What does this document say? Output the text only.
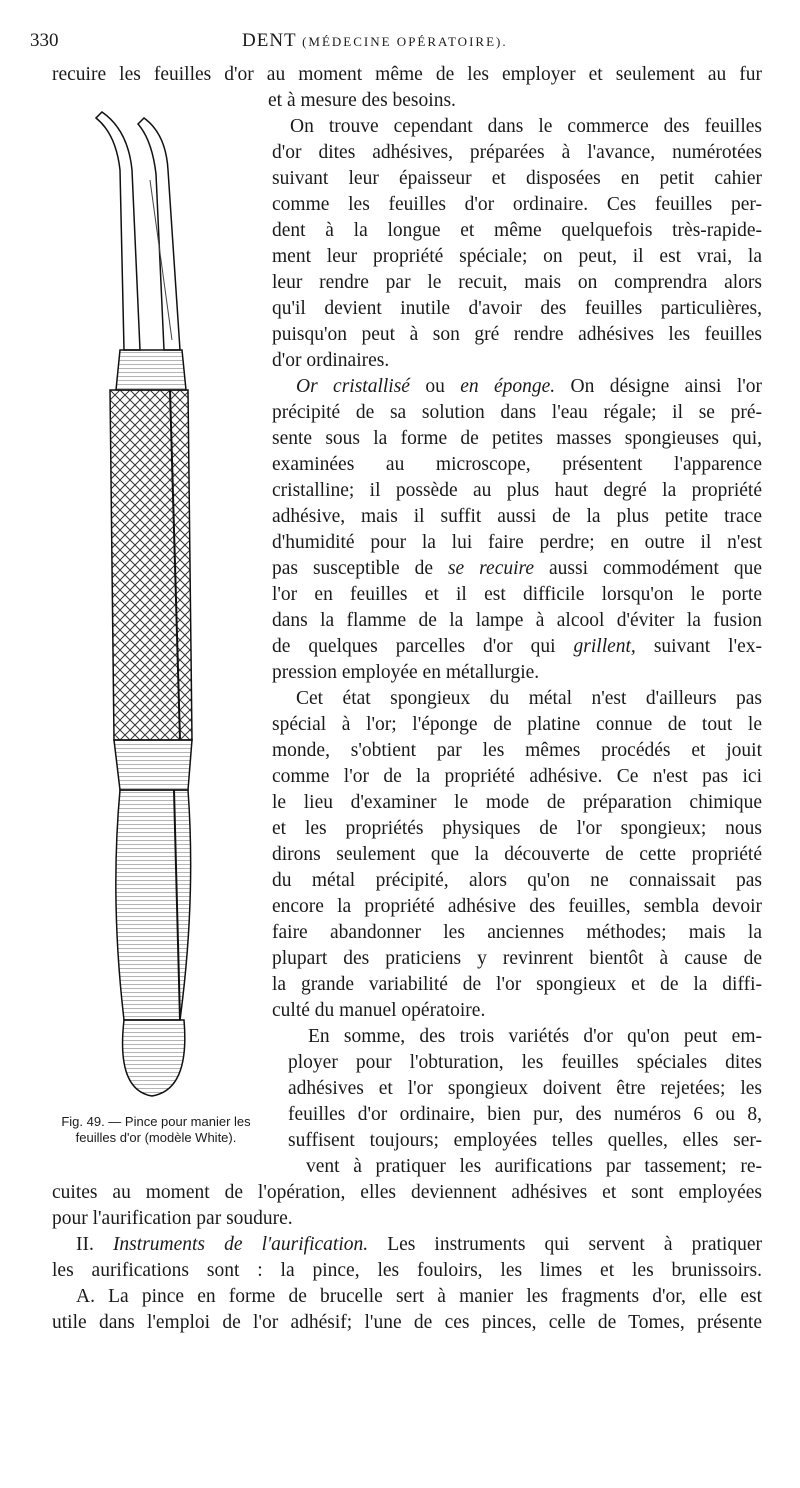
330	DENT (MÉDECINE OPÉRATOIRE).
Fig. 49. — Pince pour manier les
feuilles d'or (modèle White).
recuire les feuilles d'or au moment même de les employer et seulement au fur
et à mesure des besoins.
On trouve cependant dans le commerce des feuilles
d'or dites adhésives, préparées à l'avance, numérotées
suivant leur épaisseur et disposées en petit cahier
comme les feuilles d'or ordinaire. Ces feuilles per-
dent à la longue et même quelquefois très-rapide-
ment leur propriété spéciale; on peut, il est vrai, la
leur rendre par le recuit, mais on comprendra alors
qu'il devient inutile d'avoir des feuilles particulières,
puisqu'on peut à son gré rendre adhésives les feuilles
d'or ordinaires.
Or cristallisé ou en éponge. On désigne ainsi l'or
précipité de sa solution dans l'eau régale; il se pré-
sente sous la forme de petites masses spongieuses qui,
examinées au microscope, présentent l'apparence
cristalline; il possède au plus haut degré la propriété
adhésive, mais il suffit aussi de la plus petite trace
d'humidité pour la lui faire perdre; en outre il n'est
pas susceptible de se recuire aussi commodément que
l'or en feuilles et il est difficile lorsqu'on le porte
dans la flamme de la lampe à alcool d'éviter la fusion
de quelques parcelles d'or qui grillent, suivant l'ex-
pression employée en métallurgie.
Cet état spongieux du métal n'est d'ailleurs pas
spécial à l'or; l'éponge de platine connue de tout le
monde, s'obtient par les mêmes procédés et jouit
comme l'or de la propriété adhésive. Ce n'est pas ici
le lieu d'examiner le mode de préparation chimique
et les propriétés physiques de l'or spongieux; nous
dirons seulement que la découverte de cette propriété
du métal précipité, alors qu'on ne connaissait pas
encore la propriété adhésive des feuilles, sembla devoir
faire abandonner les anciennes méthodes; mais la
plupart des praticiens y revinrent bientôt à cause de
la grande variabilité de l'or spongieux et de la diffi-
culté du manuel opératoire.
En somme, des trois variétés d'or qu'on peut em-
ployer pour l'obturation, les feuilles spéciales dites
adhésives et l'or spongieux doivent être rejetées; les
feuilles d'or ordinaire, bien pur, des numéros 6 ou 8,
suffisent toujours; employées telles quelles, elles ser-
vent à pratiquer les aurifications par tassement; re-
cuites au moment de l'opération, elles deviennent adhésives et sont employées
pour l'aurification par soudure.
II. Instruments de l'aurification. Les instruments qui servent à pratiquer
les aurifications sont : la pince, les fouloirs, les limes et les brunissoirs.
A. La pince en forme de brucelle sert à manier les fragments d'or, elle est
utile dans l'emploi de l'or adhésif; l'une de ces pinces, celle de Tomes, présente
